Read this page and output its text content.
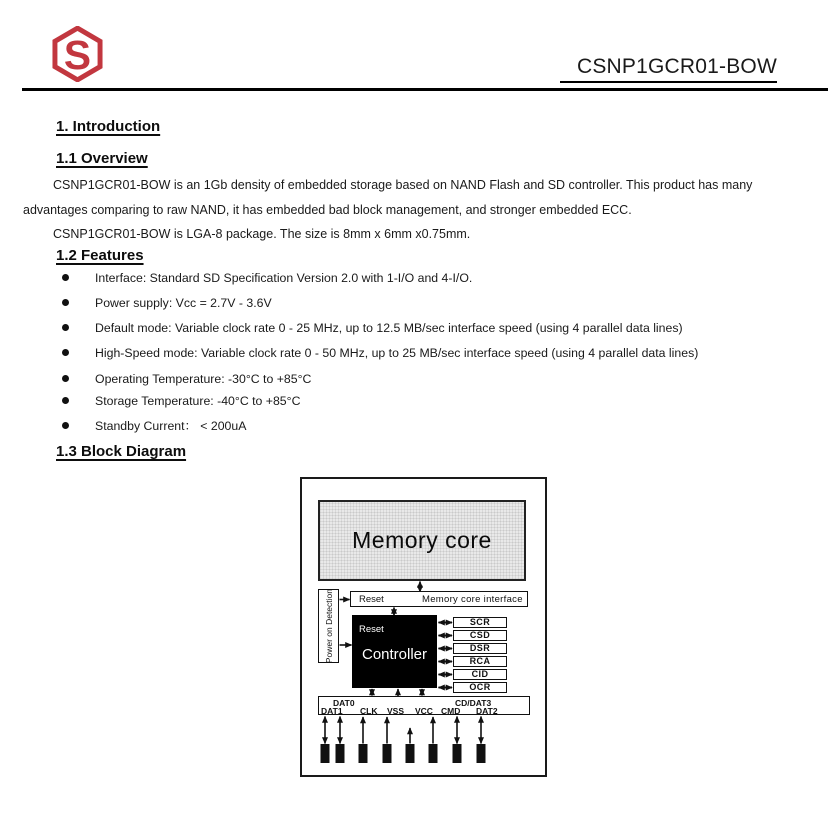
S	CSNP1GCR01-BOW
1. Introduction
1.1 Overview
CSNP1GCR01-BOW is an 1Gb density of embedded storage based on NAND Flash and SD controller. This product has many
advantages comparing to raw NAND, it has embedded bad block management, and stronger embedded ECC.
CSNP1GCR01-BOW is LGA-8 package. The size is 8mm x 6mm x0.75mm.
1.2 Features
Interface: Standard SD Specification Version 2.0 with 1-I/O and 4-I/O.
Power supply: Vcc = 2.7V - 3.6V
Default mode: Variable clock rate 0 - 25 MHz, up to 12.5 MB/sec interface speed (using 4 parallel data lines)
High-Speed mode: Variable clock rate 0 - 50 MHz, up to 25 MB/sec interface speed (using 4 parallel data lines)
Operating Temperature: -30°C to +85°C
Storage Temperature: -40°C to +85°C
Standby Current： < 200uA
1.3 Block Diagram
Memory core
Reset	Memory core interface
Power on Detection	Reset
Controller
SCR
CSD
DSR
RCA
CID
OCR
DAT0	CD/DAT3
DAT1 CLK VSS VCC CMD DAT2
